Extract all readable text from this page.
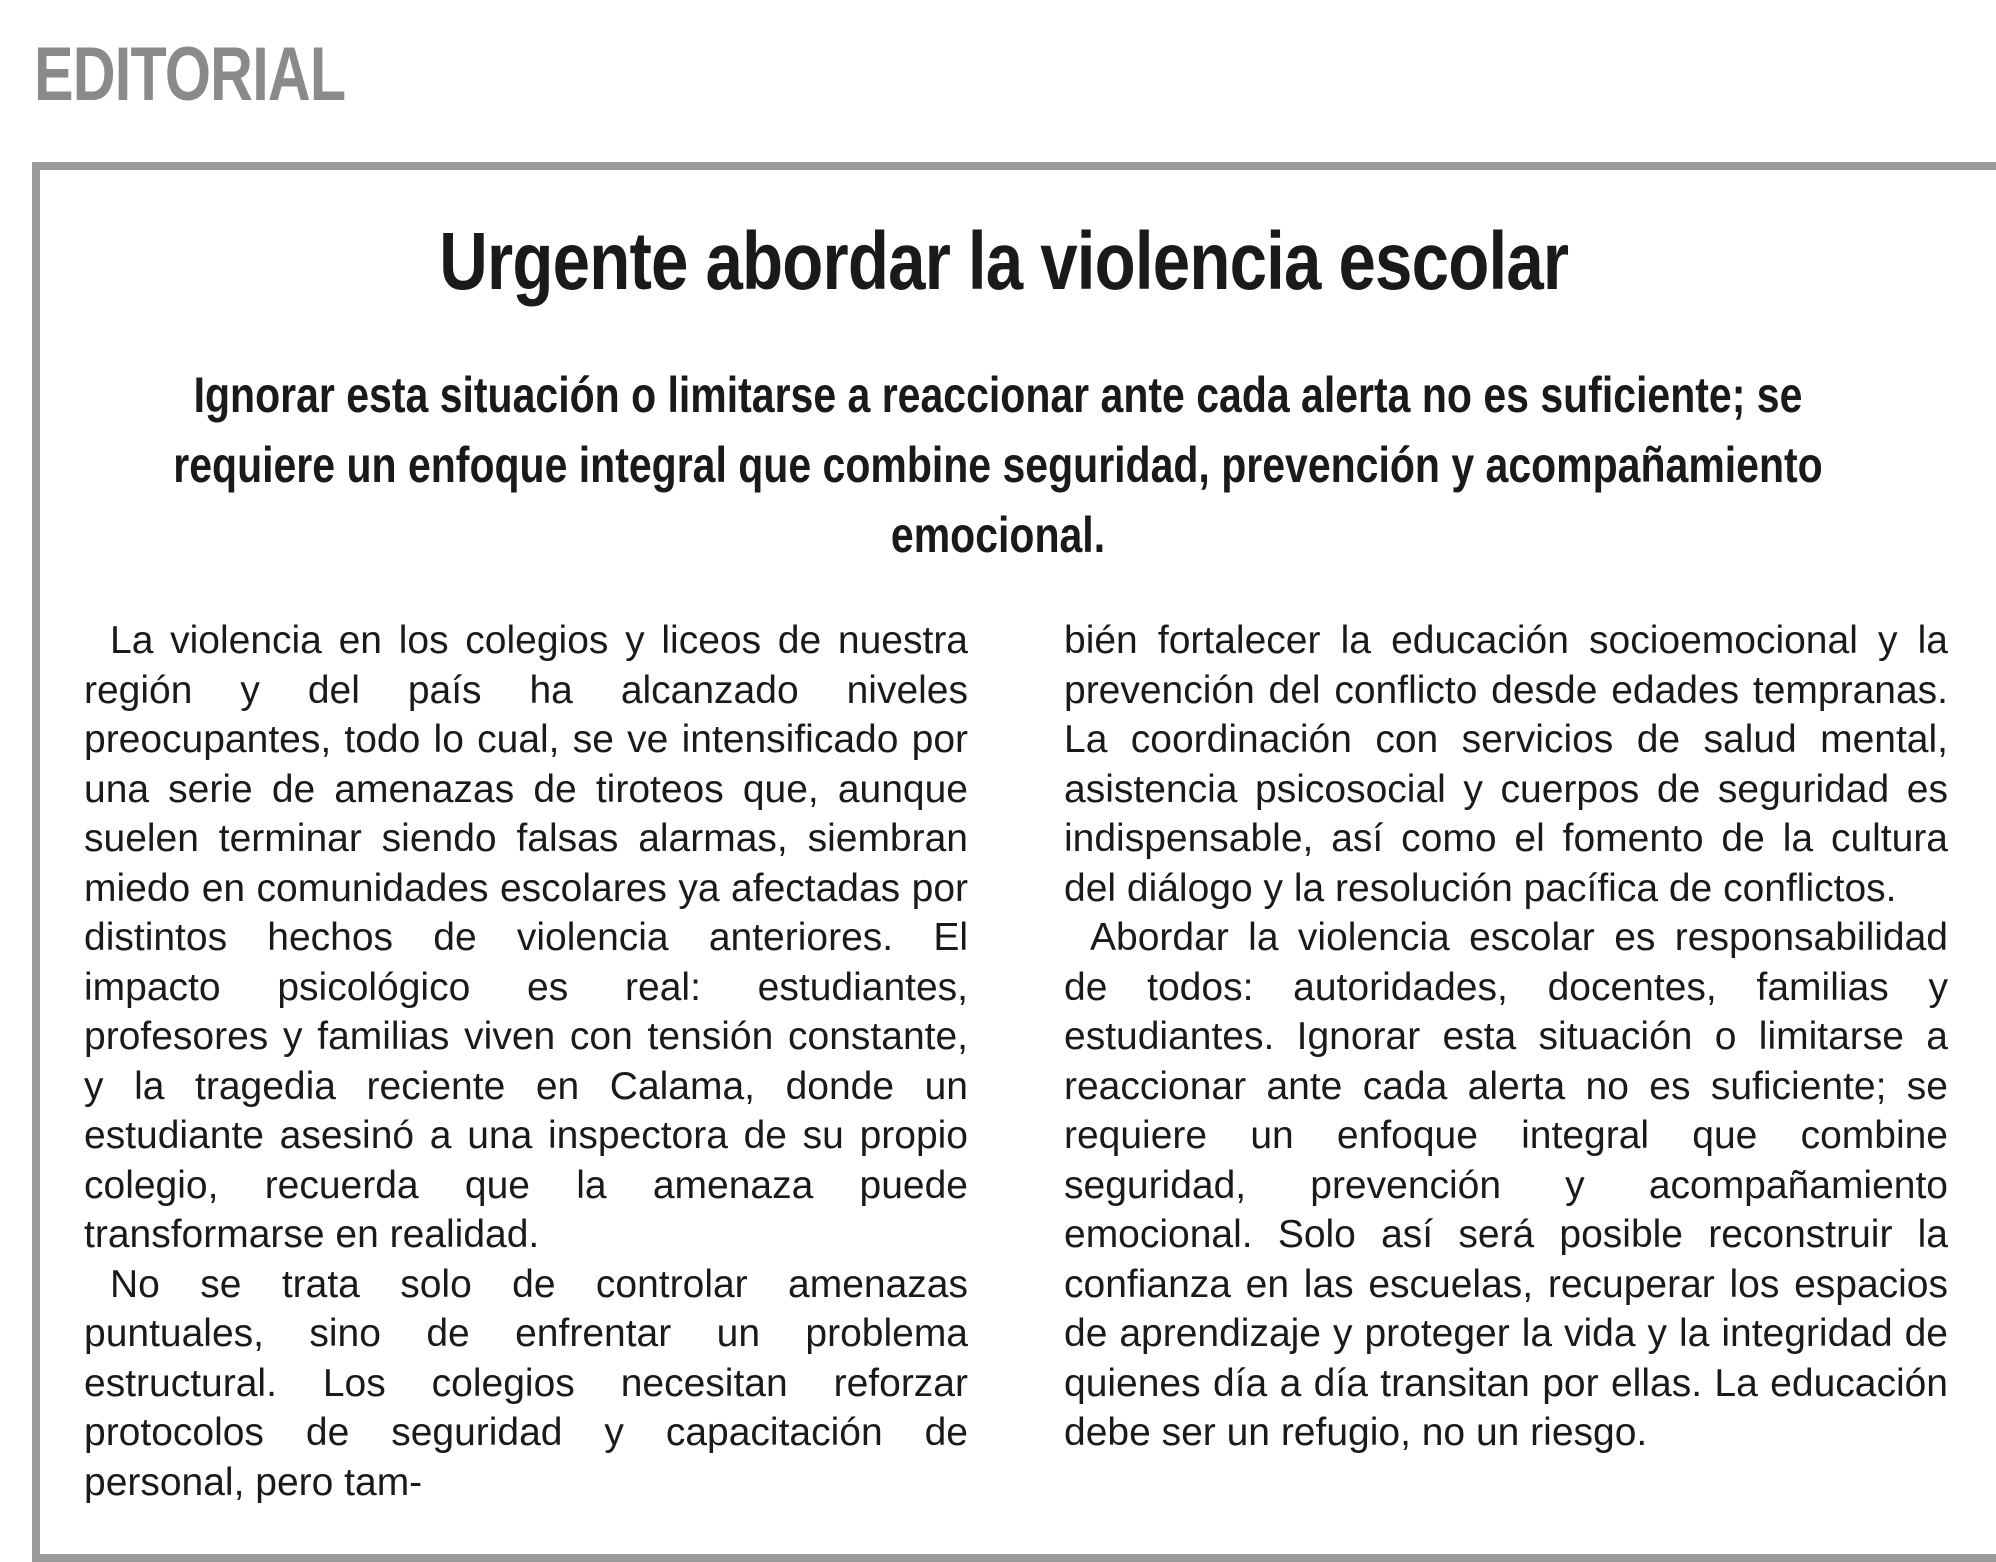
EDITORIAL
Urgente abordar la violencia escolar
Ignorar esta situación o limitarse a reaccionar ante cada alerta no es suficiente; se requiere un enfoque integral que combine seguridad, prevención y acompañamiento emocional.

La violencia en los colegios y liceos de nuestra región y del país ha alcanzado niveles preocupantes, todo lo cual, se ve intensificado por una serie de amenazas de tiroteos que, aunque suelen terminar siendo falsas alarmas, siembran miedo en comunidades escolares ya afectadas por distintos hechos de violencia anteriores. El impacto psicológico es real: estudiantes, profesores y familias viven con tensión constante, y la tragedia reciente en Calama, donde un estudiante asesinó a una inspectora de su propio colegio, recuerda que la amenaza puede transformarse en realidad.

No se trata solo de controlar amenazas puntuales, sino de enfrentar un problema estructural. Los colegios necesitan reforzar protocolos de seguridad y capacitación de personal, pero tam-

bién fortalecer la educación socioemocional y la prevención del conflicto desde edades tempranas. La coordinación con servicios de salud mental, asistencia psicosocial y cuerpos de seguridad es indispensable, así como el fomento de la cultura del diálogo y la resolución pacífica de conflictos.

Abordar la violencia escolar es responsabilidad de todos: autoridades, docentes, familias y estudiantes. Ignorar esta situación o limitarse a reaccionar ante cada alerta no es suficiente; se requiere un enfoque integral que combine seguridad, prevención y acompañamiento emocional. Solo así será posible reconstruir la confianza en las escuelas, recuperar los espacios de aprendizaje y proteger la vida y la integridad de quienes día a día transitan por ellas. La educación debe ser un refugio, no un riesgo.
